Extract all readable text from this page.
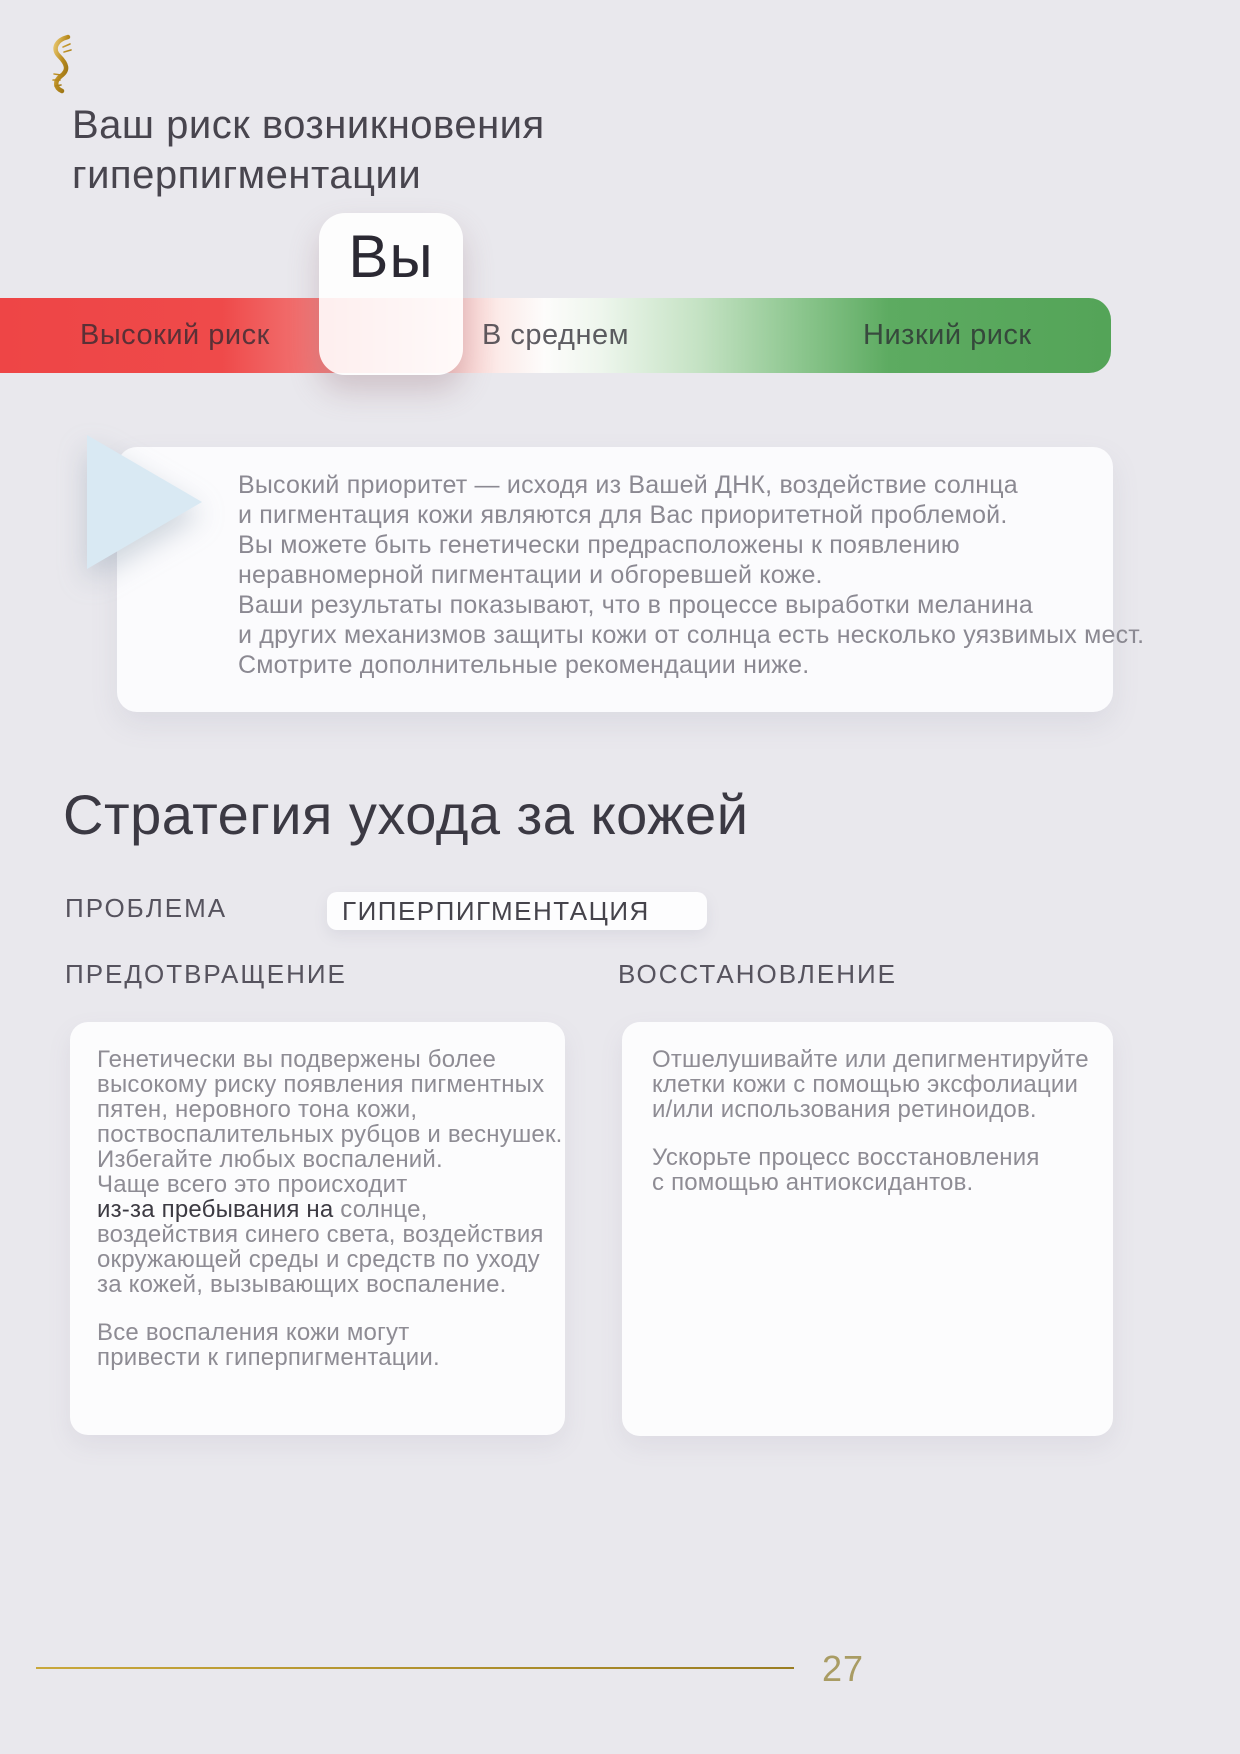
Ваш риск возникновения
гиперпигментации
Высокий риск	В среднем	Низкий риск
Вы
Высокий приоритет — исходя из Вашей ДНК, воздействие солнца
и пигментация кожи являются для Вас приоритетной проблемой.
Вы можете быть генетически предрасположены к появлению
неравномерной пигментации и обгоревшей коже.
Ваши результаты показывают, что в процессе выработки меланина
и других механизмов защиты кожи от солнца есть несколько уязвимых мест.
Смотрите дополнительные рекомендации ниже.
Стратегия ухода за кожей
ПРОБЛЕМА	ГИПЕРПИГМЕНТАЦИЯ
ПРЕДОТВРАЩЕНИЕ	ВОССТАНОВЛЕНИЕ
Генетически вы подвержены более
высокому риску появления пигментных
пятен, неровного тона кожи,
поствоспалительных рубцов и веснушек.
Избегайте любых воспалений.
Чаще всего это происходит
из-за пребывания на солнце,
воздействия синего света, воздействия
окружающей среды и средств по уходу
за кожей, вызывающих воспаление.
Все воспаления кожи могут
привести к гиперпигментации.
Отшелушивайте или депигментируйте
клетки кожи с помощью эксфолиации
и/или использования ретиноидов.
Ускорьте процесс восстановления
с помощью антиоксидантов.
27
